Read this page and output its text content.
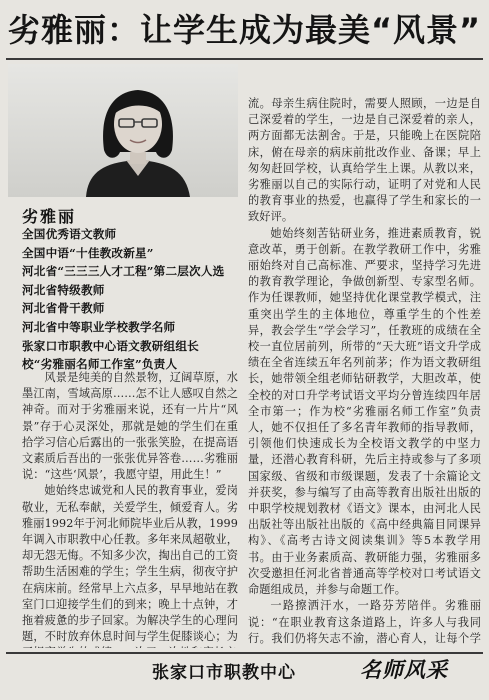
劣雅丽：让学生成为最美“风景”
劣雅丽
全国优秀语文教师
全国中语“十佳教改新星”
河北省“三三三人才工程”第二层次人选
河北省特级教师
河北省骨干教师
河北省中等职业学校教学名师
张家口市职教中心语文教研组组长
校“劣雅丽名师工作室”负责人

风景是纯美的自然景物，辽阔草原，水墨江南，雪域高原……怎不让人感叹自然之神奇。而对于劣雅丽来说，还有一片片“风景”存于心灵深处，那就是她的学生们在重拾学习信心后露出的一张张笑脸，在提高语文素质后吾出的一张张优异答卷……劣雅丽说：“这些‘风景’，我愿守望，用此生！”

她始终忠诚党和人民的教育事业，爱岗敬业，无私奉献，关爱学生，倾爱育人。劣雅丽1992年于河北师院毕业后从教，1999年调入市职教中心任教。多年来凤超敬业，却无怨无悔。不知多少次，掏出自己的工资帮助生活困难的学生；学生生病，彻夜守护在病床前。经常早上六点多，早早地站在教室门口迎接学生们的到来；晚上十点钟，才拖着疲惫的步子回家。为解决学生的心理问题，不时放弃休息时间与学生促膝谈心；为

流。母亲生病住院时，需要人照顾，一边是自己深爱着的学生，一边是自己深爱着的亲人，两方面都无法割舍。于是，只能晚上在医院陪床，俯在母亲的病床前批改作业、备课；早上匆匆赶回学校，认真给学生上课。从教以来，劣雅丽以自己的实际行动，证明了对党和人民的教育事业的热爱，也赢得了学生和家长的一致好评。

她始终刻苦钻研业务，推进素质教育，锐意改革，勇于创新。在教学教研工作中，劣雅丽始终对自己高标准、严要求，坚持学习先进的教育教学理论，争做创新型、专家型名师。作为任课教师，她坚持优化课堂教学模式，注重突出学生的主体地位，尊重学生的个性差异，教会学生“学会学习”，任教班的成绩在全校一直位居前列，所带的“天大班”语文升学成绩在全省连续五年名列前茅；作为语文教研组长，她带领全组老师钻研教学，大胆改革，使全校的对口升学考试语文平均分曾连续四年居全市第一；作为校“劣雅丽名师工作室”负责人，她不仅担任了多名青年教师的指导教师，引领他们快速成长为全校语文教学的中坚力量，还潜心教育科研，先后主持或参与了多项国家级、省级和市级课题，发表了十余篇论文并获奖，参与编写了由高等教育出版社出版的中职学校规划教材《语文》课本，由河北人民出版社等出版社出版的《高中经典篇目同课异构》、《高考古诗文阅读集训》等5本教学用书。由于业务素质高、教研能力强，劣雅丽多次受邀担任河北省普通高等学校对口考试语文命题组成员，并参与命题工作。

一路擦洒汗水，一路芬芳陪伴。劣雅丽说：“在职业教育这条道路上，许多人与我同行。我们仍将矢志不渝，潜心育人，让每个学

张家口市职教中心	名师风采
